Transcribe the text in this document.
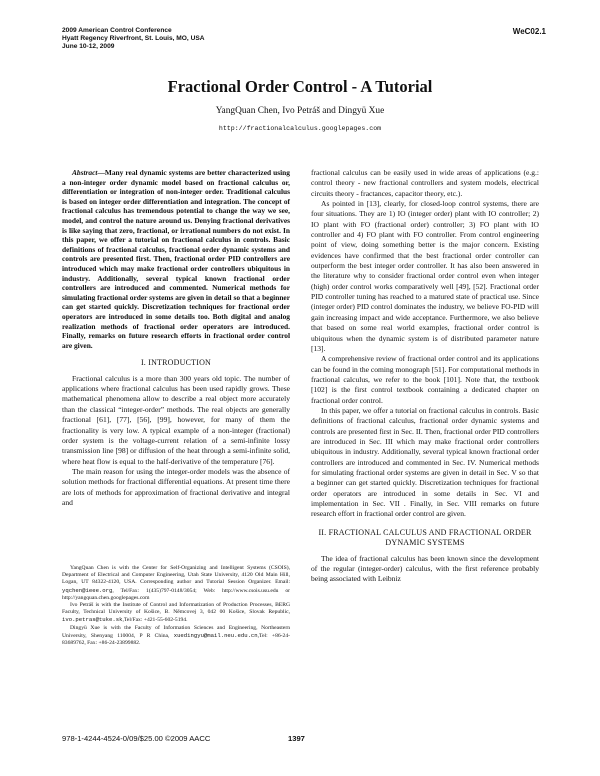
2009 American Control Conference
Hyatt Regency Riverfront, St. Louis, MO, USA
June 10-12, 2009
WeC02.1
Fractional Order Control - A Tutorial
YangQuan Chen, Ivo Petráš and Dingyü Xue
http://fractionalcalculus.googlepages.com

Abstract—Many real dynamic systems are better characterized using a non-integer order dynamic model based on fractional calculus or, differentiation or integration of non-integer order. Traditional calculus is based on integer order differentiation and integration. The concept of fractional calculus has tremendous potential to change the way we see, model, and control the nature around us. Denying fractional derivatives is like saying that zero, fractional, or irrational numbers do not exist. In this paper, we offer a tutorial on fractional calculus in controls. Basic definitions of fractional calculus, fractional order dynamic systems and controls are presented first. Then, fractional order PID controllers are introduced which may make fractional order controllers ubiquitous in industry. Additionally, several typical known fractional order controllers are introduced and commented. Numerical methods for simulating fractional order systems are given in detail so that a beginner can get started quickly. Discretization techniques for fractional order operators are introduced in some details too. Both digital and analog realization methods of fractional order operators are introduced. Finally, remarks on future research efforts in fractional order control are given.

I. INTRODUCTION

Fractional calculus is a more than 300 years old topic. The number of applications where fractional calculus has been used rapidly grows. These mathematical phenomena allow to describe a real object more accurately than the classical “integer-order” methods. The real objects are generally fractional [61], [77], [56], [99], however, for many of them the fractionality is very low. A typical example of a non-integer (fractional) order system is the voltage-current relation of a semi-infinite lossy transmission line [98] or diffusion of the heat through a semi-infinite solid, where heat flow is equal to the half-derivative of the temperature [76].

The main reason for using the integer-order models was the absence of solution methods for fractional differential equations. At present time there are lots of methods for approximation of fractional derivative and integral and

YangQuan Chen is with the Center for Self-Organizing and Intelligent Systems (CSOIS), Department of Electrical and Computer Engineering, Utah State University, 4120 Old Main Hill, Logan, UT 84322-4120, USA. Corresponding author and Tutorial Session Organizer. Email: yqchen@ieee.org, Tel/Fax: 1(435)797-0148/3054; Web: http://www.csois.usu.edu or http://yangquan.chen.googlepages.com

Ivo Petráš is with the Institute of Control and Informatization of Production Processes, BERG Faculty, Technical University of Košice, B. Němcovej 3, 042 00 Košice, Slovak Republic, ivo.petras@tuke.sk,Tel/Fax: +421-55-602-5194.

Dingyü Xue is with the Faculty of Information Sciences and Engineering, Northeastern University, Shenyang 110004, P R China, xuedingyu@mail.neu.edu.cn,Tel: +86-24-83689762, Fax: +86-24-23899882.

fractional calculus can be easily used in wide areas of applications (e.g.: control theory - new fractional controllers and system models, electrical circuits theory - fractances, capacitor theory, etc.).

As pointed in [13], clearly, for closed-loop control systems, there are four situations. They are 1) IO (integer order) plant with IO controller; 2) IO plant with FO (fractional order) controller; 3) FO plant with IO controller and 4) FO plant with FO controller. From control engineering point of view, doing something better is the major concern. Existing evidences have confirmed that the best fractional order controller can outperform the best integer order controller. It has also been answered in the literature why to consider fractional order control even when integer (high) order control works comparatively well [49], [52]. Fractional order PID controller tuning has reached to a matured state of practical use. Since (integer order) PID control dominates the industry, we believe FO-PID will gain increasing impact and wide acceptance. Furthermore, we also believe that based on some real world examples, fractional order control is ubiquitous when the dynamic system is of distributed parameter nature [13].

A comprehensive review of fractional order control and its applications can be found in the coming monograph [51]. For computational methods in fractional calculus, we refer to the book [101]. Note that, the textbook [102] is the first control textbook containing a dedicated chapter on fractional order control.

In this paper, we offer a tutorial on fractional calculus in controls. Basic definitions of fractional calculus, fractional order dynamic systems and controls are presented first in Sec. II. Then, fractional order PID controllers are introduced in Sec. III which may make fractional order controllers ubiquitous in industry. Additionally, several typical known fractional order controllers are introduced and commented in Sec. IV. Numerical methods for simulating fractional order systems are given in detail in Sec. V so that a beginner can get started quickly. Discretization techniques for fractional order operators are introduced in some details in Sec. VI and implementation in Sec. VII . Finally, in Sec. VIII remarks on future research effort in fractional order control are given.

II. FRACTIONAL CALCULUS AND FRACTIONAL ORDER DYNAMIC SYSTEMS

The idea of fractional calculus has been known since the development of the regular (integer-order) calculus, with the first reference probably being associated with Leibniz

978-1-4244-4524-0/09/$25.00 ©2009 AACC	1397
